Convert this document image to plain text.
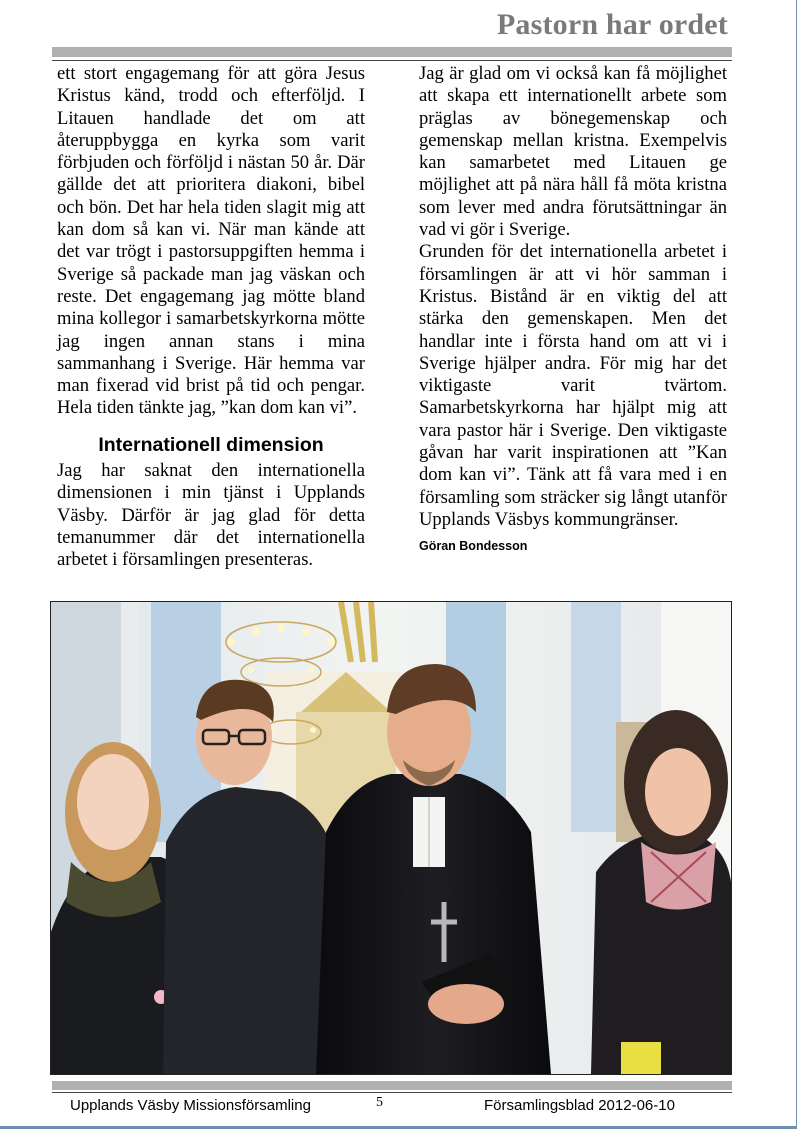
Pastorn har ordet

ett stort engagemang för att göra Jesus Kristus känd, trodd och efterföljd. I Litauen handlade det om att återuppbygga en kyrka som varit förbjuden och förföljd i nästan 50 år. Där gällde det att prioritera diakoni, bibel och bön. Det har hela tiden slagit mig att kan dom så kan vi. När man kände att det var trögt i pastorsuppgiften hemma i Sverige så packade man jag väskan och reste. Det engagemang jag mötte bland mina kollegor i samarbetskyrkorna mötte jag ingen annan stans i mina sammanhang i Sverige. Här hemma var man fixerad vid brist på tid och pengar. Hela tiden tänkte jag, ”kan dom kan vi”.

Internationell dimension

Jag har saknat den internationella dimensionen i min tjänst i Upplands Väsby. Därför är jag glad för detta temanummer där det internationella arbetet i församlingen presenteras.

Jag är glad om vi också kan få möjlighet att skapa ett internationellt arbete som präglas av bönegemenskap och gemenskap mellan kristna. Exempelvis kan samarbetet med Litauen ge möjlighet att på nära håll få möta kristna som lever med andra förutsättningar än vad vi gör i Sverige.

Grunden för det internationella arbetet i församlingen är att vi hör samman i Kristus. Bistånd är en viktig del att stärka den gemenskapen. Men det handlar inte i första hand om att vi i Sverige hjälper andra. För mig har det viktigaste varit tvärtom. Samarbetskyrkorna har hjälpt mig att vara pastor här i Sverige. Den viktigaste gåvan har varit inspirationen att ”Kan dom kan vi”. Tänk att få vara med i en församling som sträcker sig långt utanför Upplands Väsbys kommungränser.

Göran Bondesson

Upplands Väsby Missionsförsamling	5	Församlingsblad 2012-06-10
